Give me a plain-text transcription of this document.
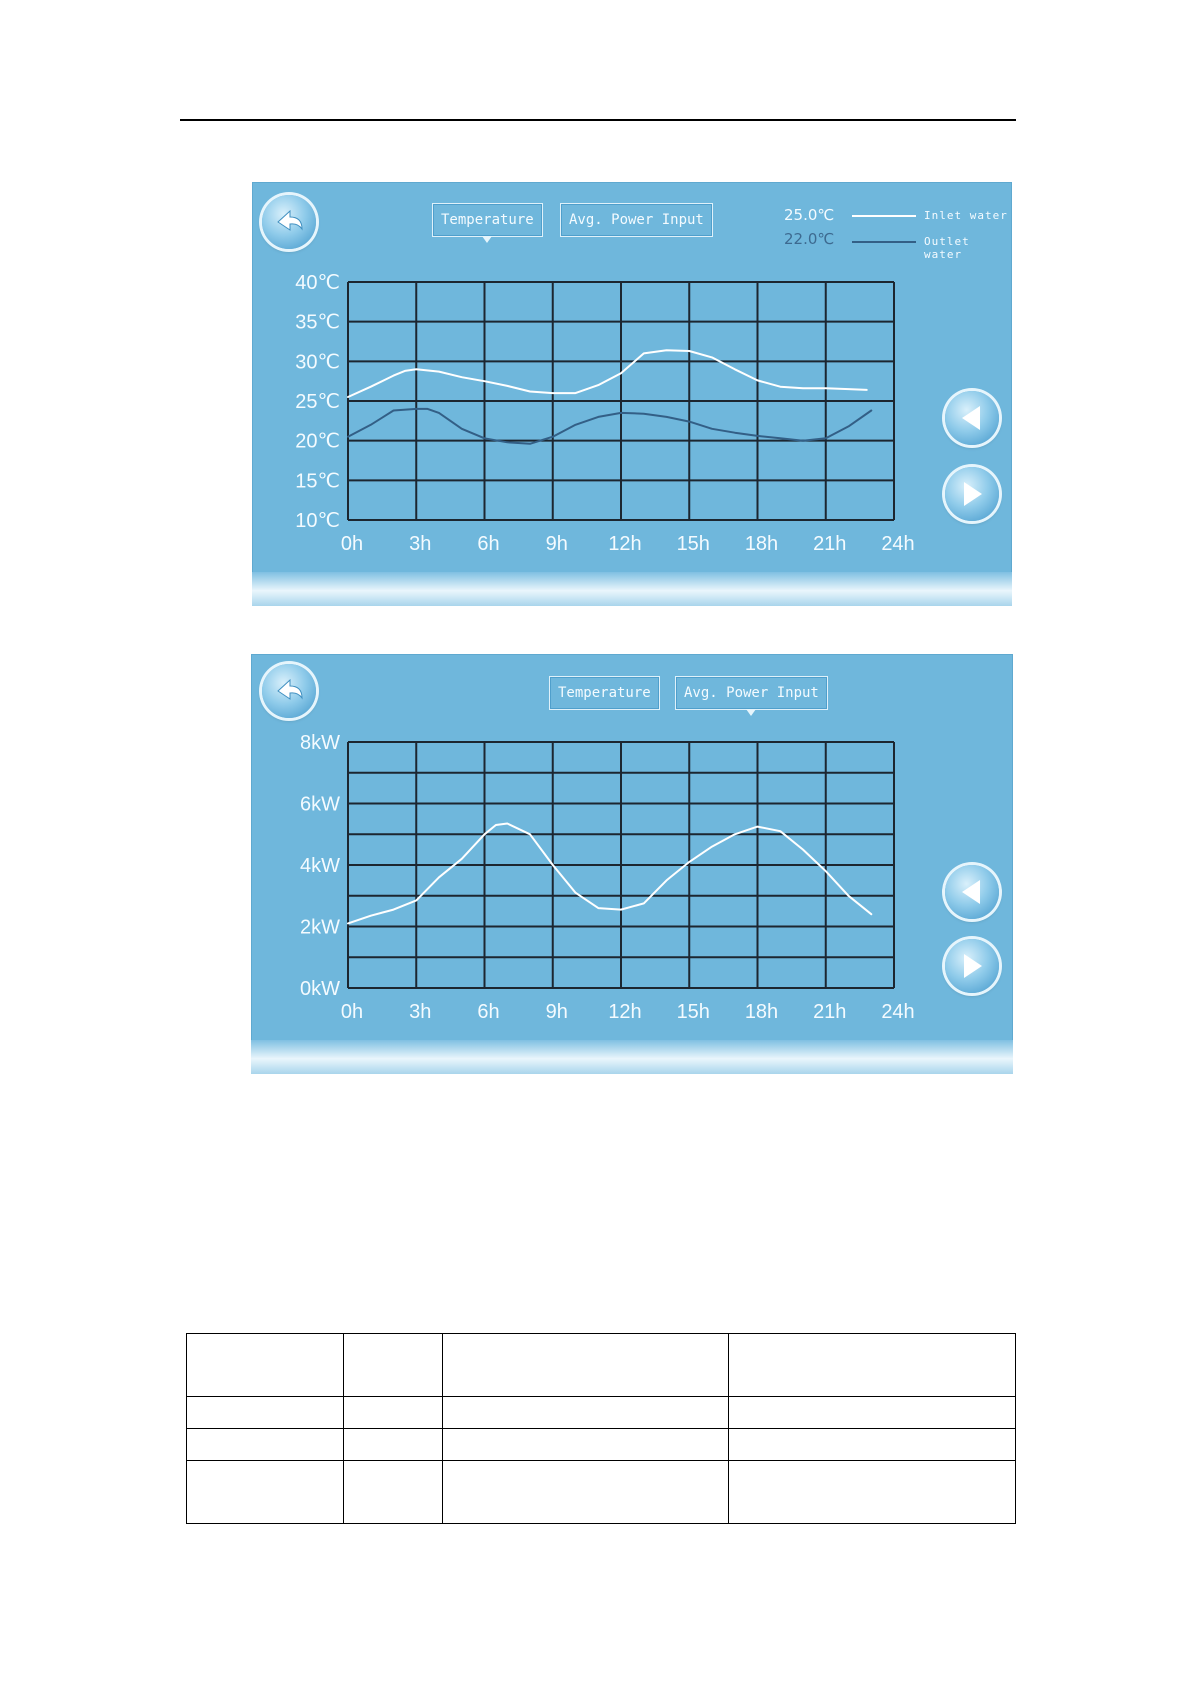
Temperature	Avg. Power Input	25.0℃	Inlet water
22.0℃	Outlet water
10℃
15℃
20℃
25℃
30℃
35℃
40℃
0h 3h 6h 9h 12h 15h 18h 21h 24h
Temperature	Avg. Power Input
0kW
2kW
4kW
6kW
8kW
0h 3h 6h 9h 12h 15h 18h 21h 24h
